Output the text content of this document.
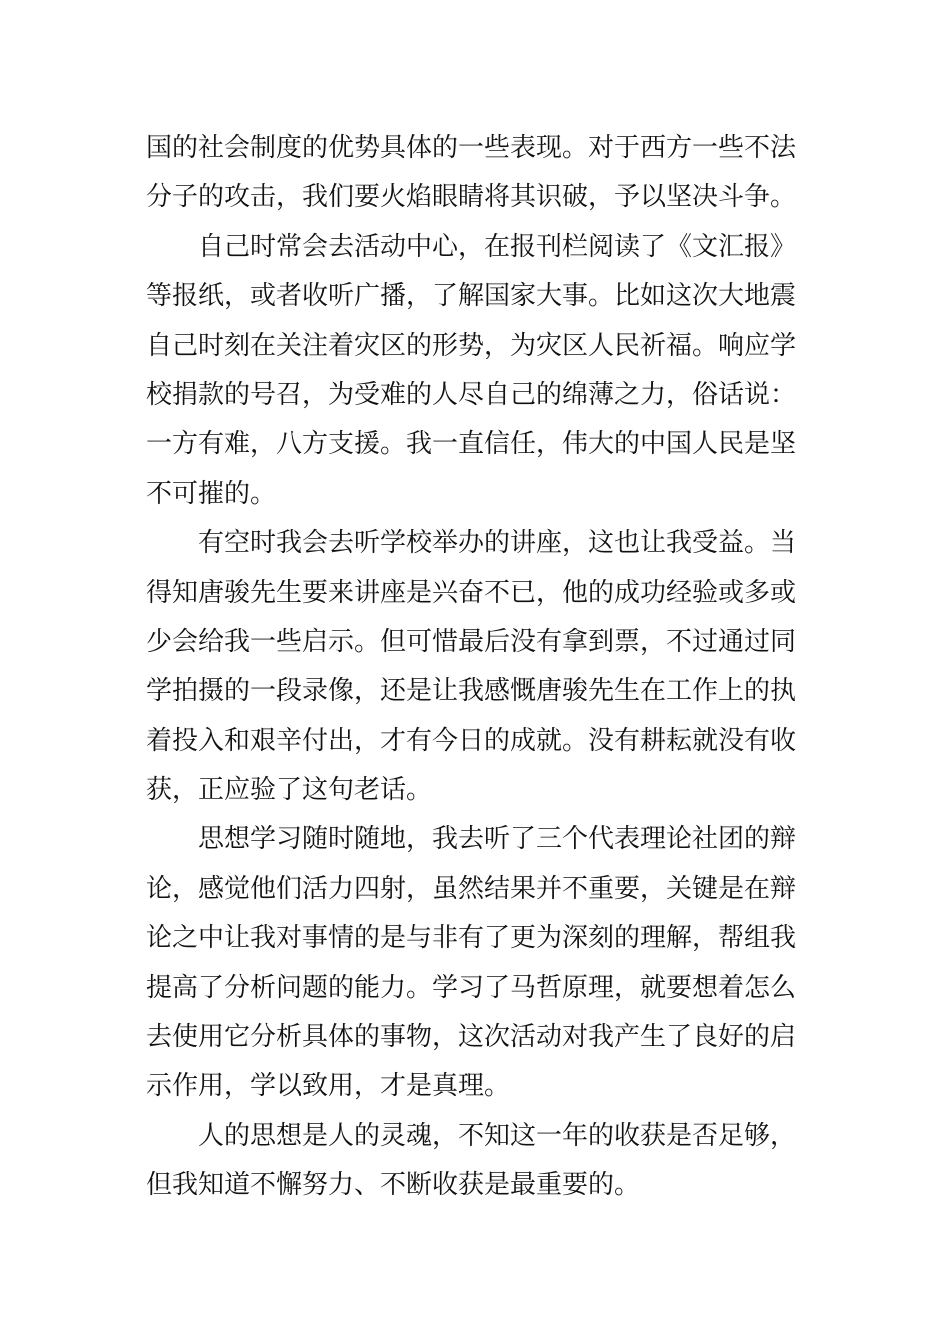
国的社会制度的优势具体的一些表现。对于西方一些不法
分子的攻击，我们要火焰眼睛将其识破，予以坚决斗争。
自己时常会去活动中心，在报刊栏阅读了《文汇报》
等报纸，或者收听广播，了解国家大事。比如这次大地震
自己时刻在关注着灾区的形势，为灾区人民祈福。响应学
校捐款的号召，为受难的人尽自己的绵薄之力，俗话说：
一方有难，八方支援。我一直信任，伟大的中国人民是坚
不可摧的。
有空时我会去听学校举办的讲座，这也让我受益。当
得知唐骏先生要来讲座是兴奋不已，他的成功经验或多或
少会给我一些启示。但可惜最后没有拿到票，不过通过同
学拍摄的一段录像，还是让我感慨唐骏先生在工作上的执
着投入和艰辛付出，才有今日的成就。没有耕耘就没有收
获，正应验了这句老话。
思想学习随时随地，我去听了三个代表理论社团的辩
论，感觉他们活力四射，虽然结果并不重要，关键是在辩
论之中让我对事情的是与非有了更为深刻的理解，帮组我
提高了分析问题的能力。学习了马哲原理，就要想着怎么
去使用它分析具体的事物，这次活动对我产生了良好的启
示作用，学以致用，才是真理。
人的思想是人的灵魂，不知这一年的收获是否足够，
但我知道不懈努力、不断收获是最重要的。
